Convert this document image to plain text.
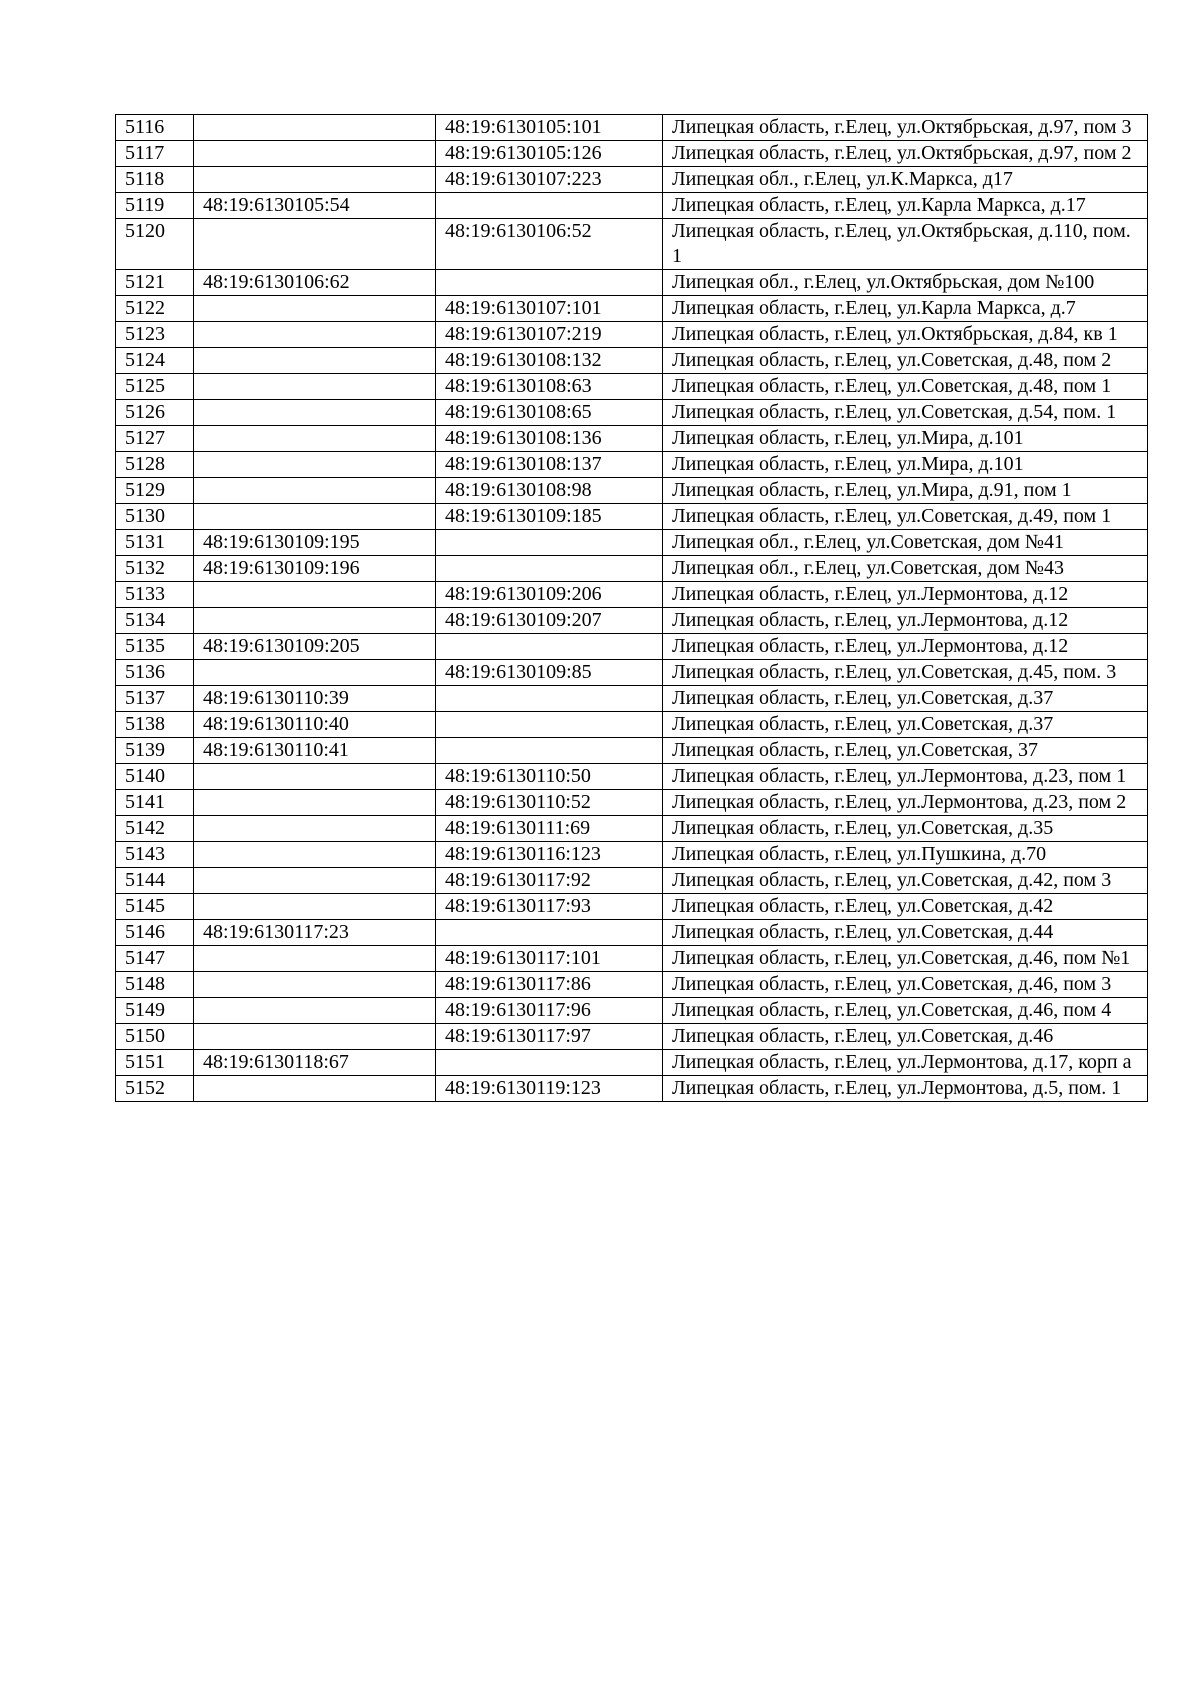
5116		48:19:6130105:101	Липецкая область, г.Елец, ул.Октябрьская, д.97, пом 3
5117		48:19:6130105:126	Липецкая область, г.Елец, ул.Октябрьская, д.97, пом 2
5118		48:19:6130107:223	Липецкая обл., г.Елец, ул.К.Маркса, д17
5119	48:19:6130105:54		Липецкая область, г.Елец, ул.Карла Маркса, д.17
5120		48:19:6130106:52	Липецкая область, г.Елец, ул.Октябрьская, д.110, пом. 1
5121	48:19:6130106:62		Липецкая обл., г.Елец, ул.Октябрьская, дом №100
5122		48:19:6130107:101	Липецкая область, г.Елец, ул.Карла Маркса, д.7
5123		48:19:6130107:219	Липецкая область, г.Елец, ул.Октябрьская, д.84, кв 1
5124		48:19:6130108:132	Липецкая область, г.Елец, ул.Советская, д.48, пом 2
5125		48:19:6130108:63	Липецкая область, г.Елец, ул.Советская, д.48, пом 1
5126		48:19:6130108:65	Липецкая область, г.Елец, ул.Советская, д.54, пом. 1
5127		48:19:6130108:136	Липецкая область, г.Елец, ул.Мира, д.101
5128		48:19:6130108:137	Липецкая область, г.Елец, ул.Мира, д.101
5129		48:19:6130108:98	Липецкая область, г.Елец, ул.Мира, д.91, пом 1
5130		48:19:6130109:185	Липецкая область, г.Елец, ул.Советская, д.49, пом 1
5131	48:19:6130109:195		Липецкая обл., г.Елец, ул.Советская, дом №41
5132	48:19:6130109:196		Липецкая обл., г.Елец, ул.Советская, дом №43
5133		48:19:6130109:206	Липецкая область, г.Елец, ул.Лермонтова, д.12
5134		48:19:6130109:207	Липецкая область, г.Елец, ул.Лермонтова, д.12
5135	48:19:6130109:205		Липецкая область, г.Елец, ул.Лермонтова, д.12
5136		48:19:6130109:85	Липецкая область, г.Елец, ул.Советская, д.45, пом. 3
5137	48:19:6130110:39		Липецкая область, г.Елец, ул.Советская, д.37
5138	48:19:6130110:40		Липецкая область, г.Елец, ул.Советская, д.37
5139	48:19:6130110:41		Липецкая область, г.Елец, ул.Советская, 37
5140		48:19:6130110:50	Липецкая область, г.Елец, ул.Лермонтова, д.23, пом 1
5141		48:19:6130110:52	Липецкая область, г.Елец, ул.Лермонтова, д.23, пом 2
5142		48:19:6130111:69	Липецкая область, г.Елец, ул.Советская, д.35
5143		48:19:6130116:123	Липецкая область, г.Елец, ул.Пушкина, д.70
5144		48:19:6130117:92	Липецкая область, г.Елец, ул.Советская, д.42, пом 3
5145		48:19:6130117:93	Липецкая область, г.Елец, ул.Советская, д.42
5146	48:19:6130117:23		Липецкая область, г.Елец, ул.Советская, д.44
5147		48:19:6130117:101	Липецкая область, г.Елец, ул.Советская, д.46, пом №1
5148		48:19:6130117:86	Липецкая область, г.Елец, ул.Советская, д.46, пом 3
5149		48:19:6130117:96	Липецкая область, г.Елец, ул.Советская, д.46, пом 4
5150		48:19:6130117:97	Липецкая область, г.Елец, ул.Советская, д.46
5151	48:19:6130118:67		Липецкая область, г.Елец, ул.Лермонтова, д.17, корп а
5152		48:19:6130119:123	Липецкая область, г.Елец, ул.Лермонтова, д.5, пом. 1
